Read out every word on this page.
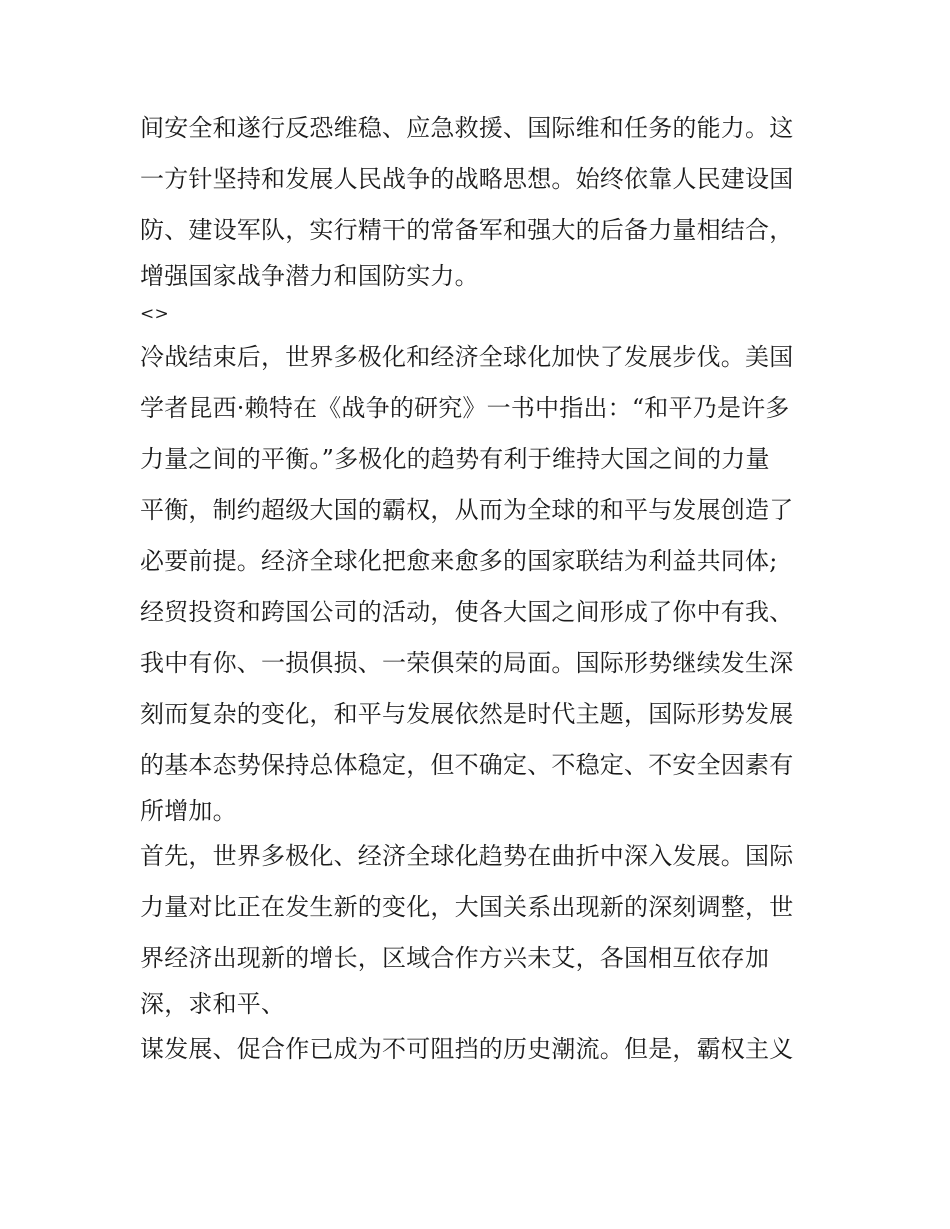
间安全和遂行反恐维稳、应急救援、国际维和任务的能力。这
一方针坚持和发展人民战争的战略思想。始终依靠人民建设国
防、建设军队，实行精干的常备军和强大的后备力量相结合，
增强国家战争潜力和国防实力。
<>
冷战结束后，世界多极化和经济全球化加快了发展步伐。美国
学者昆西·赖特在《战争的研究》一书中指出：“和平乃是许多
力量之间的平衡。”多极化的趋势有利于维持大国之间的力量
平衡，制约超级大国的霸权，从而为全球的和平与发展创造了
必要前提。经济全球化把愈来愈多的国家联结为利益共同体;
经贸投资和跨国公司的活动，使各大国之间形成了你中有我、
我中有你、一损俱损、一荣俱荣的局面。国际形势继续发生深
刻而复杂的变化，和平与发展依然是时代主题，国际形势发展
的基本态势保持总体稳定，但不确定、不稳定、不安全因素有
所增加。
首先，世界多极化、经济全球化趋势在曲折中深入发展。国际
力量对比正在发生新的变化，大国关系出现新的深刻调整，世
界经济出现新的增长，区域合作方兴未艾，各国相互依存加
深，求和平、
谋发展、促合作已成为不可阻挡的历史潮流。但是，霸权主义
